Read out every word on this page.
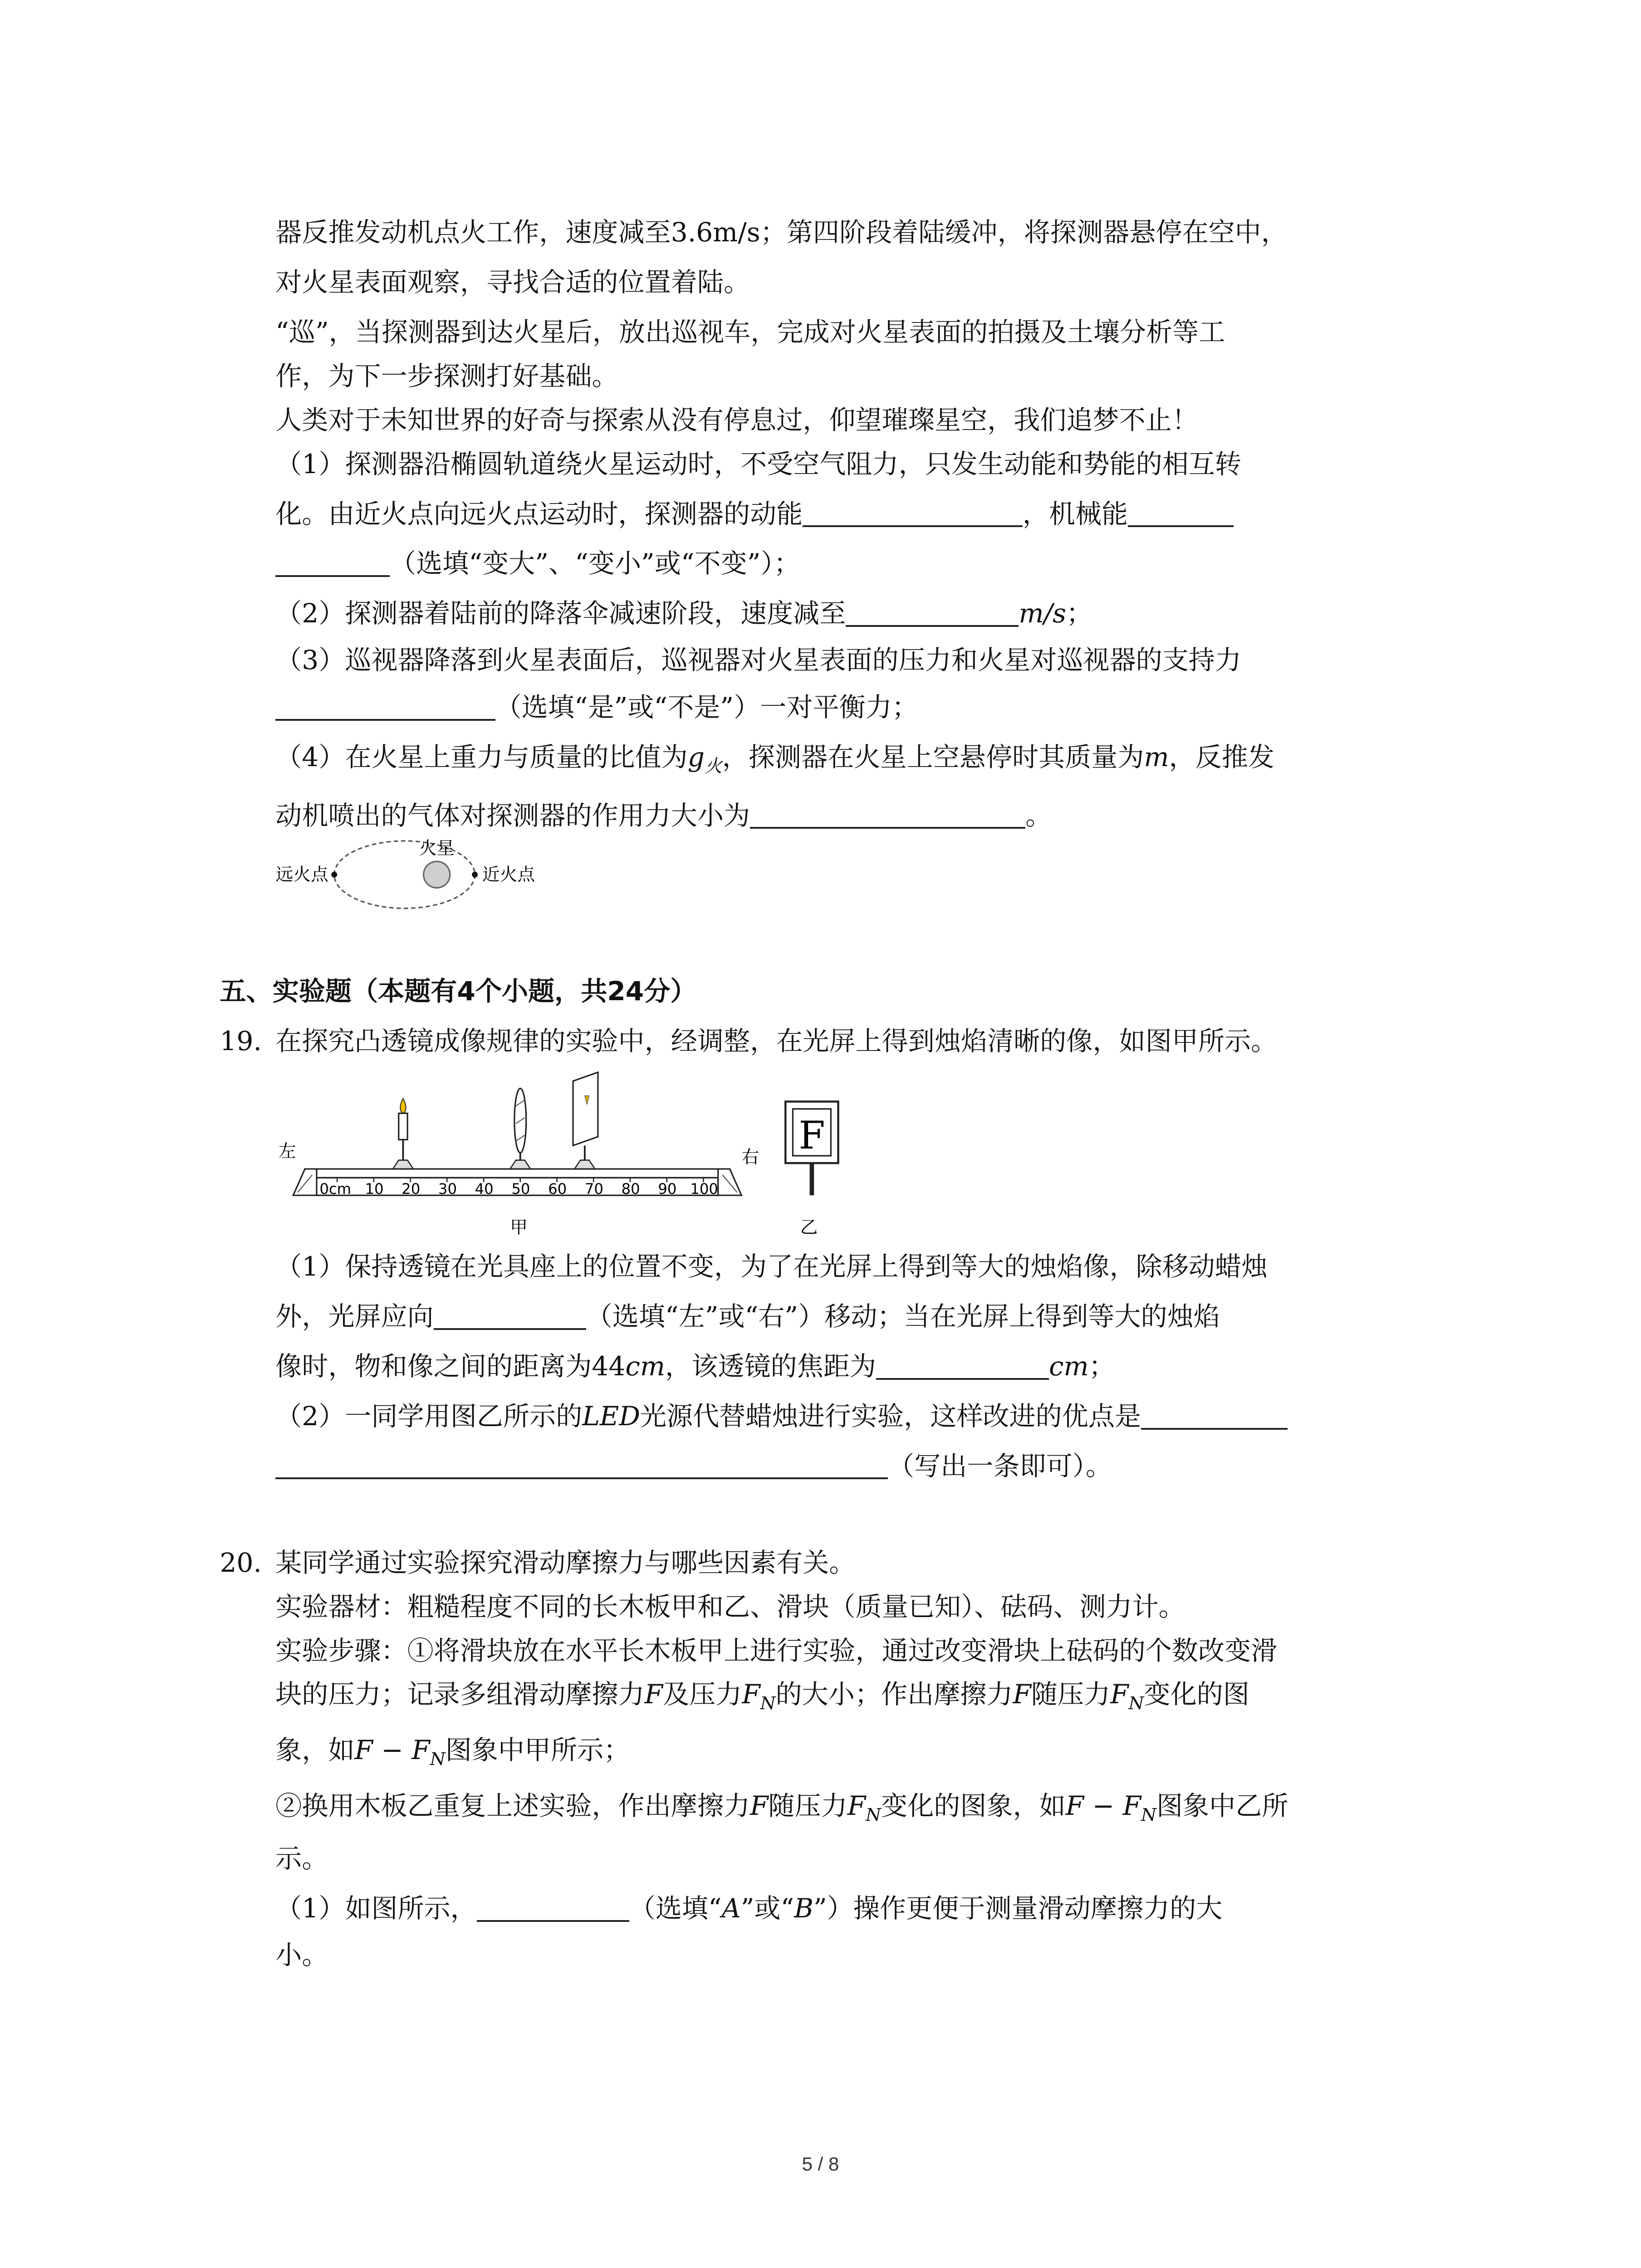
器反推发动机点火工作，速度减至3.6m/s；第四阶段着陆缓冲，将探测器悬停在空中，
对火星表面观察，寻找合适的位置着陆。
“巡”，当探测器到达火星后，放出巡视车，完成对火星表面的拍摄及土壤分析等工
作，为下一步探测打好基础。
人类对于未知世界的好奇与探索从没有停息过，仰望璀璨星空，我们追梦不止！
（1）探测器沿椭圆轨道绕火星运动时，不受空气阻力，只发生动能和势能的相互转
化。由近火点向远火点运动时，探测器的动能	，机械能
（选填“变大”、“变小”或“不变”）；
（2）探测器着陆前的降落伞减速阶段，速度减至	m/s；
（3）巡视器降落到火星表面后，巡视器对火星表面的压力和火星对巡视器的支持力
（选填“是”或“不是”）一对平衡力；
（4）在火星上重力与质量的比值为$g_火$，探测器在火星上空悬停时其质量为m，反推发
动机喷出的气体对探测器的作用力大小为	。
远火点
火星
近火点
五、实验题（本题有4个小题，共24分）
19. 在探究凸透镜成像规律的实验中，经调整，在光屏上得到烛焰清晰的像，如图甲所示。
左	右
0cm	10	20	30	40	50	60	70	80	90	100
甲
F
乙
（1）保持透镜在光具座上的位置不变，为了在光屏上得到等大的烛焰像，除移动蜡烛
外，光屏应向	（选填“左”或“右”）移动；当在光屏上得到等大的烛焰
像时，物和像之间的距离为44cm，该透镜的焦距为	cm；
（2）一同学用图乙所示的LED光源代替蜡烛进行实验，这样改进的优点是
（写出一条即可）。
20. 某同学通过实验探究滑动摩擦力与哪些因素有关。
实验器材：粗糙程度不同的长木板甲和乙、滑块（质量已知）、砝码、测力计。
实验步骤：①将滑块放在水平长木板甲上进行实验，通过改变滑块上砝码的个数改变滑
块的压力；记录多组滑动摩擦力F及压力$F_N$的大小；作出摩擦力F随压力$F_N$变化的图
象，如$F - F_N$图象中甲所示；
②换用木板乙重复上述实验，作出摩擦力F随压力$F_N$变化的图象，如$F - F_N$图象中乙所
示。
（1）如图所示，	（选填“A”或“B”）操作更便于测量滑动摩擦力的大
小。
5 / 8
